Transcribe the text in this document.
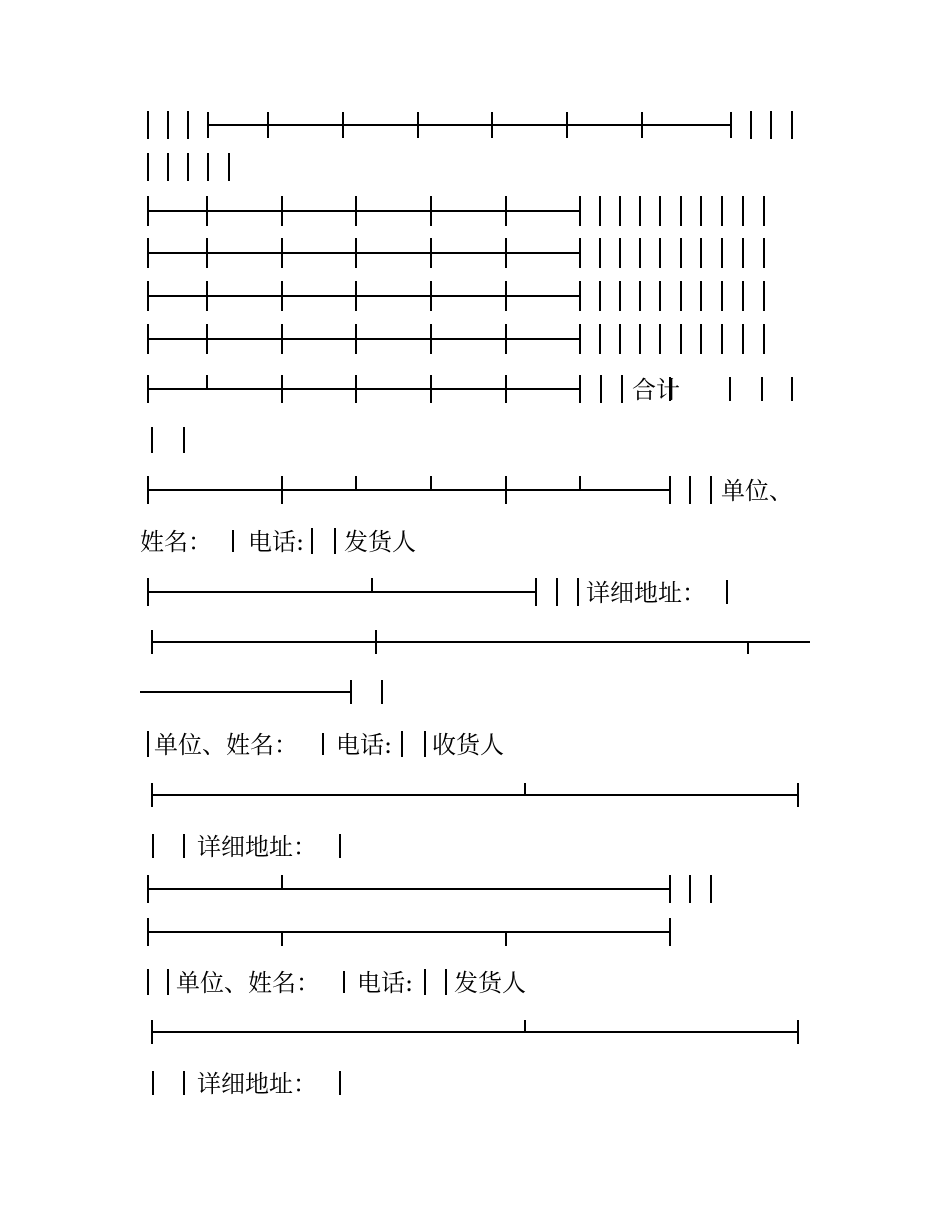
合计
单位、
姓名： 电话: 发货人
详细地址：
单位、姓名： 电话: 收货人
详细地址：
单位、姓名： 电话: 发货人
详细地址：
